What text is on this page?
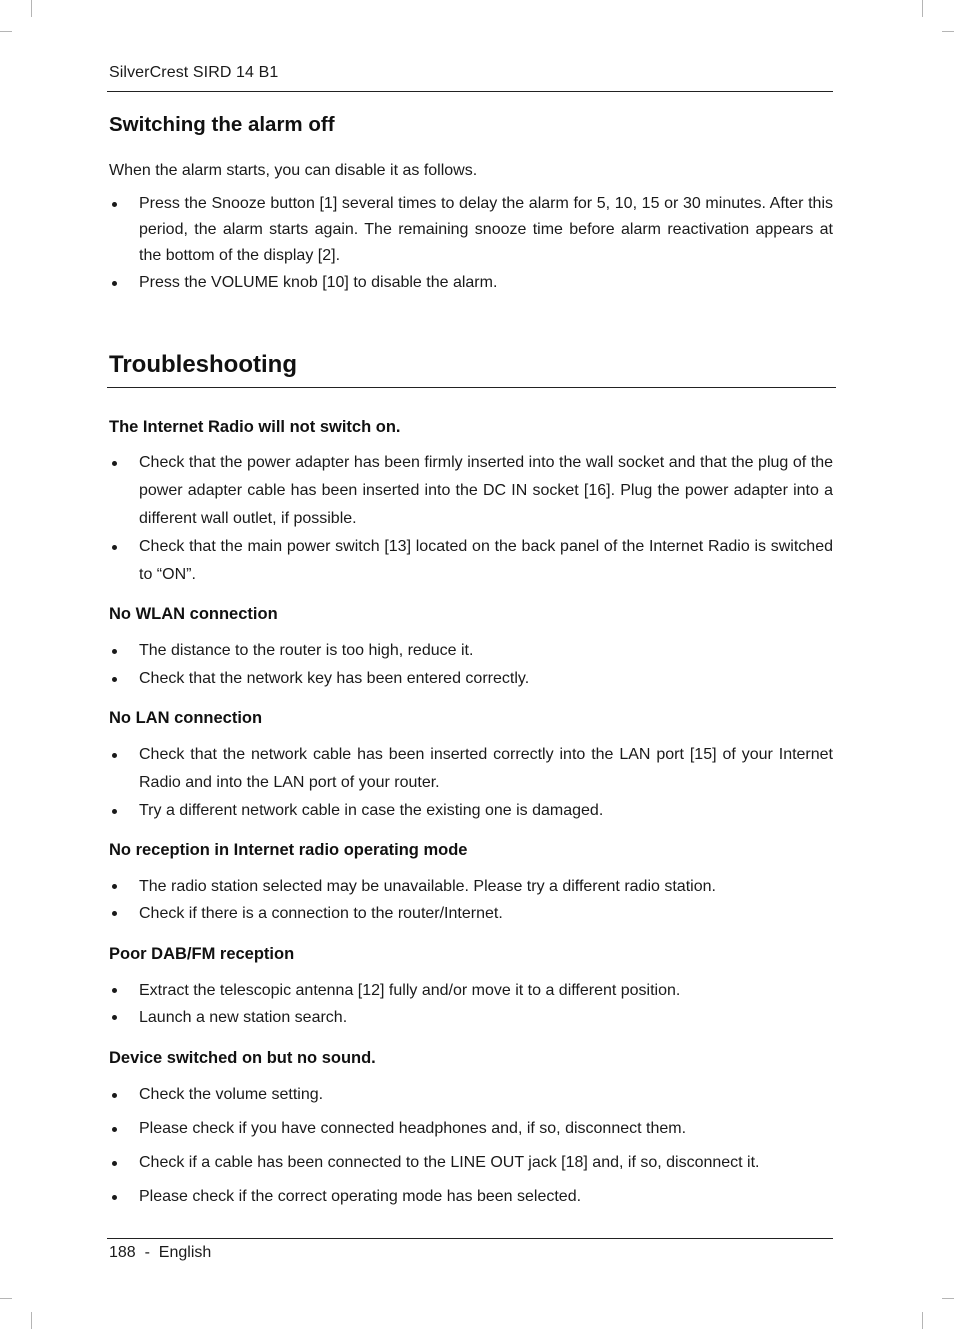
SilverCrest SIRD 14 B1
Switching the alarm off
When the alarm starts, you can disable it as follows.
Press the Snooze button [1] several times to delay the alarm for 5, 10, 15 or 30 minutes. After this period, the alarm starts again. The remaining snooze time before alarm reactivation appears at the bottom of the display [2].
Press the VOLUME knob [10] to disable the alarm.
Troubleshooting
The Internet Radio will not switch on.
Check that the power adapter has been firmly inserted into the wall socket and that the plug of the power adapter cable has been inserted into the DC IN socket [16]. Plug the power adapter into a different wall outlet, if possible.
Check that the main power switch [13] located on the back panel of the Internet Radio is switched to “ON”.
No WLAN connection
The distance to the router is too high, reduce it.
Check that the network key has been entered correctly.
No LAN connection
Check that the network cable has been inserted correctly into the LAN port [15] of your Internet Radio and into the LAN port of your router.
Try a different network cable in case the existing one is damaged.
No reception in Internet radio operating mode
The radio station selected may be unavailable. Please try a different radio station.
Check if there is a connection to the router/Internet.
Poor DAB/FM reception
Extract the telescopic antenna [12] fully and/or move it to a different position.
Launch a new station search.
Device switched on but no sound.
Check the volume setting.
Please check if you have connected headphones and, if so, disconnect them.
Check if a cable has been connected to the LINE OUT jack [18] and, if so, disconnect it.
Please check if the correct operating mode has been selected.
188  -  English
